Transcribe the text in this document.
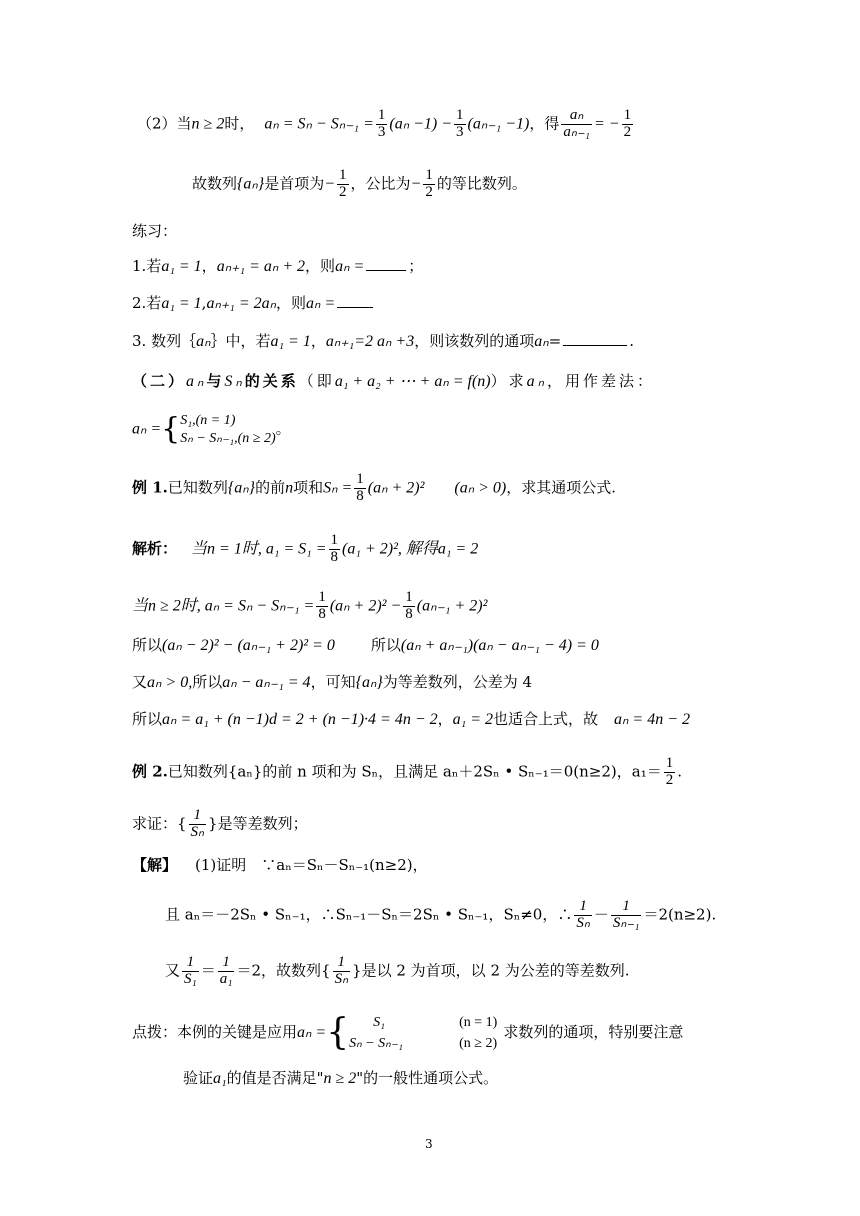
（2）当n ≥ 2时， $a_n = S_n - S_{n-1} = \frac{1}{3} (a_n -1) - \frac{1}{3} (a_{n-1} -1)$，得 $\frac{\text{aₙ}}{\text{aₙ₋₁}}$ = − $\frac{1}{2}$
故数列{aₙ}是首项为− $\frac{1}{2}$ ，公比为− $\frac{1}{2}$ 的等比数列。
练习：
1.若a₁ = 1，aₙ₊₁ = aₙ + 2，则aₙ =	；
2.若a₁ = 1,aₙ₊₁ = 2aₙ，则aₙ =
3. 数列｛aₙ｝中，若a₁ = 1，aₙ₊₁=2 aₙ +3，则该数列的通项aₙ=	.
（二）aₙ与Sₙ的关系（即a₁ + a₂ + ⋯ + aₙ = f(n)）求aₙ，用作差法：
aₙ ={ S₁,(n = 1)
Sₙ − Sₙ₋₁,(n ≥ 2)
。
例 1.已知数列{aₙ}的前n项和$S_n = \frac{1}{8} (a_n + 2)^2$ (aₙ > 0)，求其通项公式.
解析： 当n = 1时, $a_1 = S_1 = \frac{1}{8} (a_1 + 2)^2$, 解得a₁ = 2
当n ≥ 2时, $a_n = S_n - S_{n-1} = \frac{1}{8} (a_n + 2)^2 - \frac{1}{8} (a_{n-1} + 2)^2$
所以(aₙ − 2)² − (aₙ₋₁ + 2)² = 0 所以(aₙ + aₙ₋₁)(aₙ − aₙ₋₁ − 4) = 0
又aₙ > 0,所以aₙ − aₙ₋₁ = 4，可知{aₙ}为等差数列，公差为 4
所以aₙ = a₁ + (n −1)d = 2 + (n −1)·4 = 4n − 2，a₁ = 2也适合上式，故 aₙ = 4n − 2
例 2.已知数列{aₙ}的前 n 项和为 Sₙ，且满足 aₙ＋2Sₙ • Sₙ₋₁＝0(n≥2)，$a_1= \frac{1}{2}$ .
求证：{ $\frac{1}{\text{Sₙ}}$ }是等差数列；
【解】 (1)证明　∵aₙ＝Sₙ－Sₙ₋₁(n≥2)，
且 aₙ＝－2Sₙ • Sₙ₋₁，∴Sₙ₋₁－Sₙ＝2Sₙ • Sₙ₋₁，Sₙ≠0，∴ $\frac{1}{\text{Sₙ}} - \frac{1}{\text{Sₙ₋₁}} =2(n\ge 2)$.
又 $\frac{1}{\text{S₁}} = \frac{1}{\text{a₁}} =2$，故数列{ $\frac{1}{\text{Sₙ}}$ }是以 2 为首项，以 2 为公差的等差数列.
点拨：本例的关键是应用aₙ ={	S₁	(n = 1)
Sₙ − Sₙ₋₁	(n ≥ 2)
求数列的通项，特别要注意
验证a₁的值是否满足"n ≥ 2"的一般性通项公式。
3
